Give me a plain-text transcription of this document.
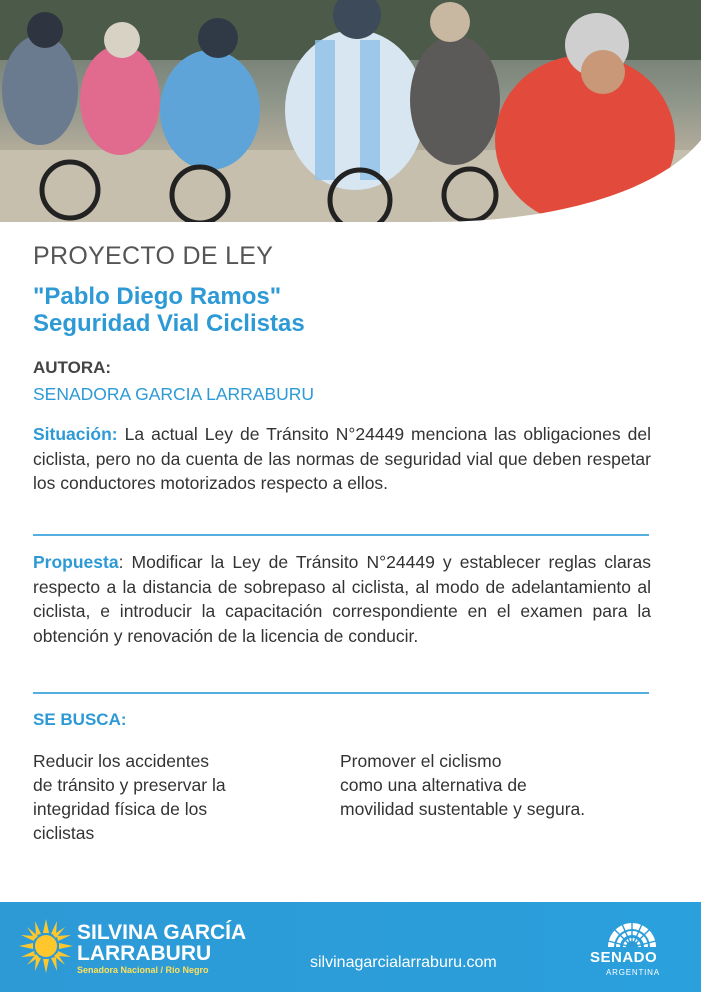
PROYECTO DE LEY
"Pablo Diego Ramos"
Seguridad Vial Ciclistas
AUTORA:
SENADORA GARCIA LARRABURU
Situación: La actual Ley de Tránsito N°24449 menciona las obligaciones del ciclista, pero no da cuenta de las normas de seguridad vial que deben respetar los conductores motorizados respecto a ellos.
Propuesta: Modificar la Ley de Tránsito N°24449 y establecer reglas claras respecto a la distancia de sobrepaso al ciclista, al modo de adelantamiento al ciclista, e introducir la capacitación correspondiente en el examen para la obtención y renovación de la licencia de conducir.
SE BUSCA:
Reducir los accidentes
de tránsito y preservar la
integridad física de los
ciclistas
Promover el ciclismo
como una alternativa de
movilidad sustentable y segura.
SILVINA GARCÍA
LARRABURU
Senadora Nacional / Río Negro	silvinagarcialarraburu.com	SENADO
ARGENTINA
